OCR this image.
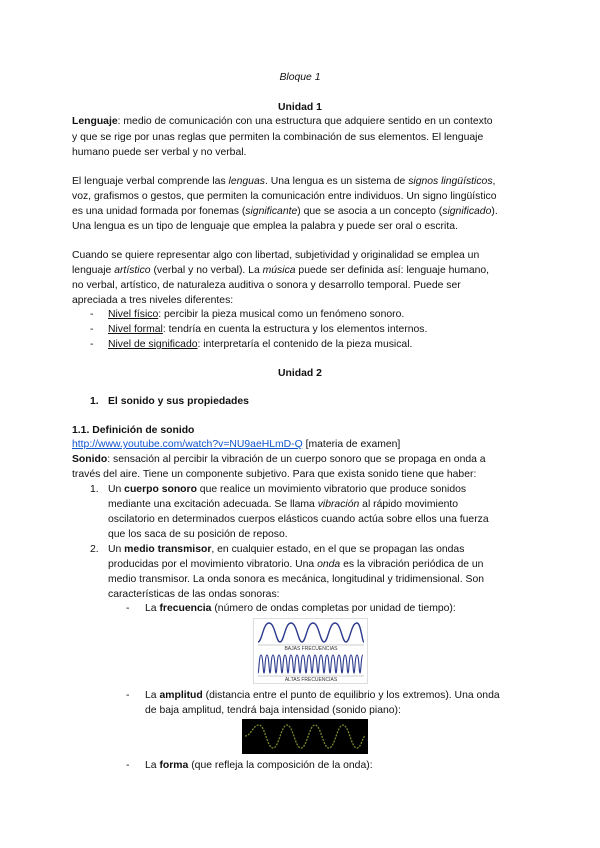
Bloque 1
Unidad 1
Lenguaje: medio de comunicación con una estructura que adquiere sentido en un contexto
y que se rige por unas reglas que permiten la combinación de sus elementos. El lenguaje
humano puede ser verbal y no verbal.
El lenguaje verbal comprende las lenguas. Una lengua es un sistema de signos lingüísticos,
voz, grafismos o gestos, que permiten la comunicación entre individuos. Un signo lingüístico
es una unidad formada por fonemas (significante) que se asocia a un concepto (significado).
Una lengua es un tipo de lenguaje que emplea la palabra y puede ser oral o escrita.
Cuando se quiere representar algo con libertad, subjetividad y originalidad se emplea un
lenguaje artístico (verbal y no verbal). La música puede ser definida así: lenguaje humano,
no verbal, artístico, de naturaleza auditiva o sonora y desarrollo temporal. Puede ser
apreciada a tres niveles diferentes:
- Nivel físico: percibir la pieza musical como un fenómeno sonoro.
- Nivel formal: tendría en cuenta la estructura y los elementos internos.
- Nivel de significado: interpretaría el contenido de la pieza musical.
Unidad 2
1. El sonido y sus propiedades
1.1. Definición de sonido
http://www.youtube.com/watch?v=NU9aeHLmD-Q [materia de examen]
Sonido: sensación al percibir la vibración de un cuerpo sonoro que se propaga en onda a
través del aire. Tiene un componente subjetivo. Para que exista sonido tiene que haber:
1. Un cuerpo sonoro que realice un movimiento vibratorio que produce sonidos
mediante una excitación adecuada. Se llama vibración al rápido movimiento
oscilatorio en determinados cuerpos elásticos cuando actúa sobre ellos una fuerza
que los saca de su posición de reposo.
2. Un medio transmisor, en cualquier estado, en el que se propagan las ondas
producidas por el movimiento vibratorio. Una onda es la vibración periódica de un
medio transmisor. La onda sonora es mecánica, longitudinal y tridimensional. Son
características de las ondas sonoras:
- La frecuencia (número de ondas completas por unidad de tiempo):
BAJAS FRECUENCIAS
ALTAS FRECUENCIAS
- La amplitud (distancia entre el punto de equilibrio y los extremos). Una onda
de baja amplitud, tendrá baja intensidad (sonido piano):
- La forma (que refleja la composición de la onda):
